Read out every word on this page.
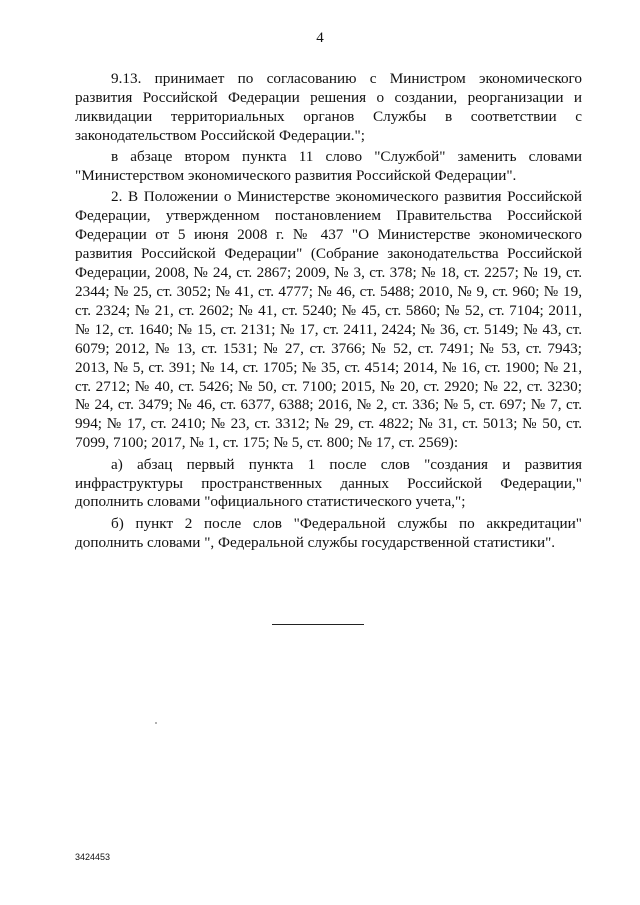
4

9.13. принимает по согласованию с Министром экономического развития Российской Федерации решения о создании, реорганизации и ликвидации территориальных органов Службы в соответствии с законодательством Российской Федерации.";

в абзаце втором пункта 11 слово "Службой" заменить словами "Министерством экономического развития Российской Федерации".

2. В Положении о Министерстве экономического развития Российской Федерации, утвержденном постановлением Правительства Российской Федерации от 5 июня 2008 г. № 437 "О Министерстве экономического развития Российской Федерации" (Собрание законодательства Российской Федерации, 2008, № 24, ст. 2867; 2009, № 3, ст. 378; № 18, ст. 2257; № 19, ст. 2344; № 25, ст. 3052; № 41, ст. 4777; № 46, ст. 5488; 2010, № 9, ст. 960; № 19, ст. 2324; № 21, ст. 2602; № 41, ст. 5240; № 45, ст. 5860; № 52, ст. 7104; 2011, № 12, ст. 1640; № 15, ст. 2131; № 17, ст. 2411, 2424; № 36, ст. 5149; № 43, ст. 6079; 2012, № 13, ст. 1531; № 27, ст. 3766; № 52, ст. 7491; № 53, ст. 7943; 2013, № 5, ст. 391; № 14, ст. 1705; № 35, ст. 4514; 2014, № 16, ст. 1900; № 21, ст. 2712; № 40, ст. 5426; № 50, ст. 7100; 2015, № 20, ст. 2920; № 22, ст. 3230; № 24, ст. 3479; № 46, ст. 6377, 6388; 2016, № 2, ст. 336; № 5, ст. 697; № 7, ст. 994; № 17, ст. 2410; № 23, ст. 3312; № 29, ст. 4822; № 31, ст. 5013; № 50, ст. 7099, 7100; 2017, № 1, ст. 175; № 5, ст. 800; № 17, ст. 2569):

а) абзац первый пункта 1 после слов "создания и развития инфраструктуры пространственных данных Российской Федерации," дополнить словами "официального статистического учета,";

б) пункт 2 после слов "Федеральной службы по аккредитации" дополнить словами ", Федеральной службы государственной статистики".

3424453
